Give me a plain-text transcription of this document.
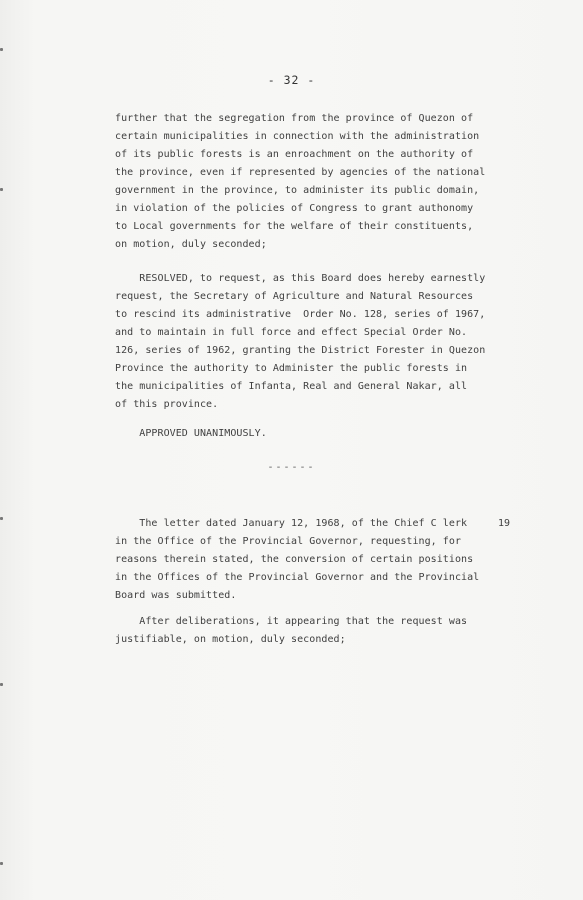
- 32 -
further that the segregation from the province of Quezon of
certain municipalities in connection with the administration
of its public forests is an enroachment on the authority of
the province, even if represented by agencies of the national
government in the province, to administer its public domain,
in violation of the policies of Congress to grant authonomy
to Local governments for the welfare of their constituents,
on motion, duly seconded;
RESOLVED, to request, as this Board does hereby earnestly
request, the Secretary of Agriculture and Natural Resources
to rescind its administrative  Order No. 128, series of 1967,
and to maintain in full force and effect Special Order No.
126, series of 1962, granting the District Forester in Quezon
Province the authority to Administer the public forests in
the municipalities of Infanta, Real and General Nakar, all
of this province.
APPROVED UNANIMOUSLY.
------
19
The letter dated January 12, 1968, of the Chief C lerk
in the Office of the Provincial Governor, requesting, for
reasons therein stated, the conversion of certain positions
in the Offices of the Provincial Governor and the Provincial
Board was submitted.
After deliberations, it appearing that the request was
justifiable, on motion, duly seconded;
